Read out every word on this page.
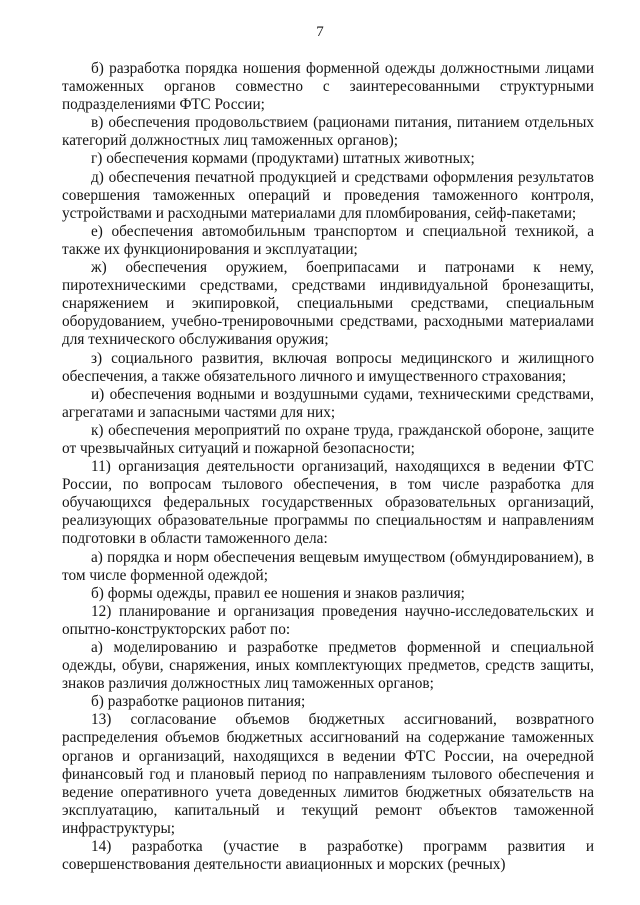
7

б) разработка порядка ношения форменной одежды должностными лицами таможенных органов совместно с заинтересованными структурными подразделениями ФТС России;

в) обеспечения продовольствием (рационами питания, питанием отдельных категорий должностных лиц таможенных органов);

г) обеспечения кормами (продуктами) штатных животных;

д) обеспечения печатной продукцией и средствами оформления результатов совершения таможенных операций и проведения таможенного контроля, устройствами и расходными материалами для пломбирования, сейф-пакетами;

е) обеспечения автомобильным транспортом и специальной техникой, а также их функционирования и эксплуатации;

ж) обеспечения оружием, боеприпасами и патронами к нему, пиротехническими средствами, средствами индивидуальной бронезащиты, снаряжением и экипировкой, специальными средствами, специальным оборудованием, учебно-тренировочными средствами, расходными материалами для технического обслуживания оружия;

з) социального развития, включая вопросы медицинского и жилищного обеспечения, а также обязательного личного и имущественного страхования;

и) обеспечения водными и воздушными судами, техническими средствами, агрегатами и запасными частями для них;

к) обеспечения мероприятий по охране труда, гражданской обороне, защите от чрезвычайных ситуаций и пожарной безопасности;

11) организация деятельности организаций, находящихся в ведении ФТС России, по вопросам тылового обеспечения, в том числе разработка для обучающихся федеральных государственных образовательных организаций, реализующих образовательные программы по специальностям и направлениям подготовки в области таможенного дела:

а) порядка и норм обеспечения вещевым имуществом (обмундированием), в том числе форменной одеждой;

б) формы одежды, правил ее ношения и знаков различия;

12) планирование и организация проведения научно-исследовательских и опытно-конструкторских работ по:

а) моделированию и разработке предметов форменной и специальной одежды, обуви, снаряжения, иных комплектующих предметов, средств защиты, знаков различия должностных лиц таможенных органов;

б) разработке рационов питания;

13) согласование объемов бюджетных ассигнований, возвратного распределения объемов бюджетных ассигнований на содержание таможенных органов и организаций, находящихся в ведении ФТС России, на очередной финансовый год и плановый период по направлениям тылового обеспечения и ведение оперативного учета доведенных лимитов бюджетных обязательств на эксплуатацию, капитальный и текущий ремонт объектов таможенной инфраструктуры;

14) разработка (участие в разработке) программ развития и совершенствования деятельности авиационных и морских (речных)
